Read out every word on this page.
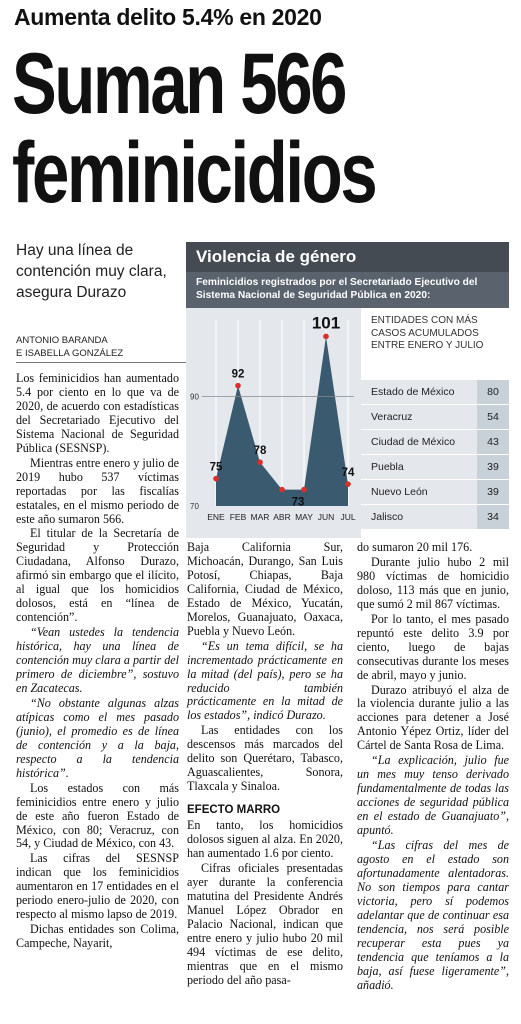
Aumenta delito 5.4% en 2020
Suman 566
feminicidios
Hay una línea de contención muy clara, asegura Durazo
ANTONIO BARANDA
E ISABELLA GONZÁLEZ
Violencia de género
Feminicidios registrados por el Secretariado Ejecutivo del Sistema Nacional de Seguridad Pública en 2020:
90
70
75
92
78
73
101
74
ENE FEB MAR ABR MAY JUN JUL
ENTIDADES CON MÁS CASOS ACUMULADOS ENTRE ENERO Y JULIO
Estado de México	80
Veracruz	54
Ciudad de México	43
Puebla	39
Nuevo León	39
Jalisco	34

Los feminicidios han aumentado 5.4 por ciento en lo que va de 2020, de acuerdo con estadísticas del Secretariado Ejecutivo del Sistema Nacional de Seguridad Pública (SESNSP).

Mientras entre enero y julio de 2019 hubo 537 víctimas reportadas por las fiscalías estatales, en el mismo periodo de este año sumaron 566.

El titular de la Secretaría de Seguridad y Protección Ciudadana, Alfonso Durazo, afirmó sin embargo que el ilícito, al igual que los homicidios dolosos, está en “línea de contención”.

“Vean ustedes la tendencia histórica, hay una línea de contención muy clara a partir del primero de diciembre”, sostuvo en Zacatecas.

“No obstante algunas alzas atípicas como el mes pasado (junio), el promedio es de línea de contención y a la baja, respecto a la tendencia histórica”.

Los estados con más feminicidios entre enero y julio de este año fueron Estado de México, con 80; Veracruz, con 54, y Ciudad de México, con 43.

Las cifras del SESNSP indican que los feminicidios aumentaron en 17 entidades en el periodo enero-julio de 2020, con respecto al mismo lapso de 2019.

Dichas entidades son Colima, Campeche, Nayarit,

Baja California Sur, Michoacán, Durango, San Luis Potosí, Chiapas, Baja California, Ciudad de México, Estado de México, Yucatán, Morelos, Guanajuato, Oaxaca, Puebla y Nuevo León.

“Es un tema difícil, se ha incrementado prácticamente en la mitad (del país), pero se ha reducido también prácticamente en la mitad de los estados”, indicó Durazo.

Las entidades con los descensos más marcados del delito son Querétaro, Tabasco, Aguascalientes, Sonora, Tlaxcala y Sinaloa.

EFECTO MARRO

En tanto, los homicidios dolosos siguen al alza. En 2020, han aumentado 1.6 por ciento.

Cifras oficiales presentadas ayer durante la conferencia matutina del Presidente Andrés Manuel López Obrador en Palacio Nacional, indican que entre enero y julio hubo 20 mil 494 víctimas de ese delito, mientras que en el mismo periodo del año pasa-

do sumaron 20 mil 176.

Durante julio hubo 2 mil 980 víctimas de homicidio doloso, 113 más que en junio, que sumó 2 mil 867 víctimas.

Por lo tanto, el mes pasado repuntó este delito 3.9 por ciento, luego de bajas consecutivas durante los meses de abril, mayo y junio.

Durazo atribuyó el alza de la violencia durante julio a las acciones para detener a José Antonio Yépez Ortiz, líder del Cártel de Santa Rosa de Lima.

“La explicación, julio fue un mes muy tenso derivado fundamentalmente de todas las acciones de seguridad pública en el estado de Guanajuato”, apuntó.

“Las cifras del mes de agosto en el estado son afortunadamente alentadoras. No son tiempos para cantar victoria, pero sí podemos adelantar que de continuar esa tendencia, nos será posible recuperar esta pues ya tendencia que teníamos a la baja, así fuese ligeramente”, añadió.
